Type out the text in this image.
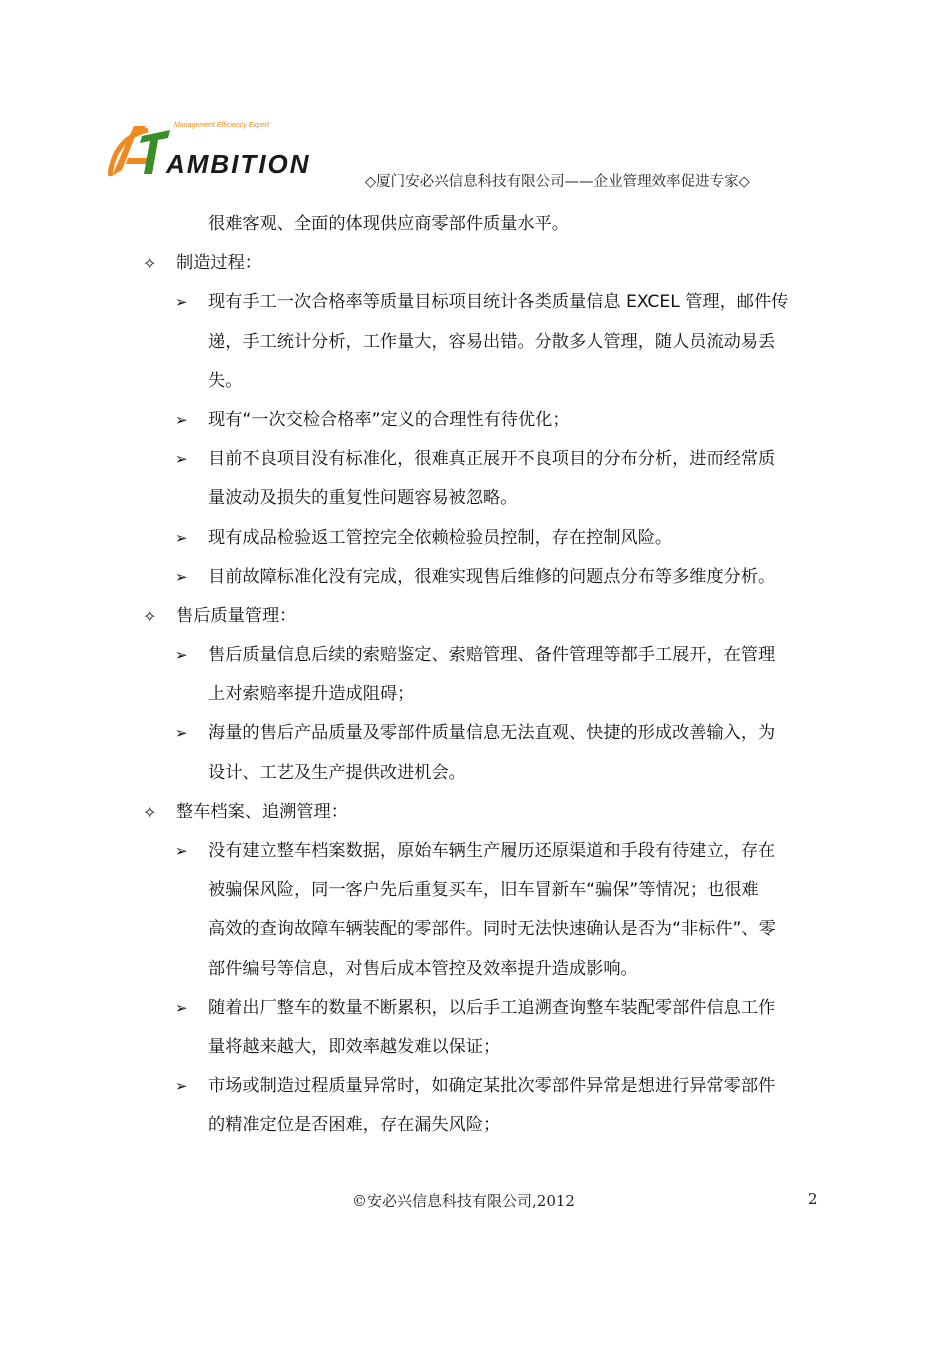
Management Efficiency Expert
AMBITION
◇厦门安必兴信息科技有限公司——企业管理效率促进专家◇
很难客观、全面的体现供应商零部件质量水平。
✧ 制造过程：
➢ 现有手工一次合格率等质量目标项目统计各类质量信息 EXCEL 管理，邮件传
递，手工统计分析，工作量大，容易出错。分散多人管理，随人员流动易丢
失。
➢ 现有“一次交检合格率”定义的合理性有待优化；
➢ 目前不良项目没有标准化，很难真正展开不良项目的分布分析，进而经常质
量波动及损失的重复性问题容易被忽略。
➢ 现有成品检验返工管控完全依赖检验员控制，存在控制风险。
➢ 目前故障标准化没有完成，很难实现售后维修的问题点分布等多维度分析。
✧ 售后质量管理：
➢ 售后质量信息后续的索赔鉴定、索赔管理、备件管理等都手工展开，在管理
上对索赔率提升造成阻碍；
➢ 海量的售后产品质量及零部件质量信息无法直观、快捷的形成改善输入，为
设计、工艺及生产提供改进机会。
✧ 整车档案、追溯管理：
➢ 没有建立整车档案数据，原始车辆生产履历还原渠道和手段有待建立，存在
被骗保风险，同一客户先后重复买车，旧车冒新车“骗保”等情况；也很难
高效的查询故障车辆装配的零部件。同时无法快速确认是否为“非标件”、零
部件编号等信息，对售后成本管控及效率提升造成影响。
➢ 随着出厂整车的数量不断累积，以后手工追溯查询整车装配零部件信息工作
量将越来越大，即效率越发难以保证；
➢ 市场或制造过程质量异常时，如确定某批次零部件异常是想进行异常零部件
的精准定位是否困难，存在漏失风险；
©安必兴信息科技有限公司,2012	2
